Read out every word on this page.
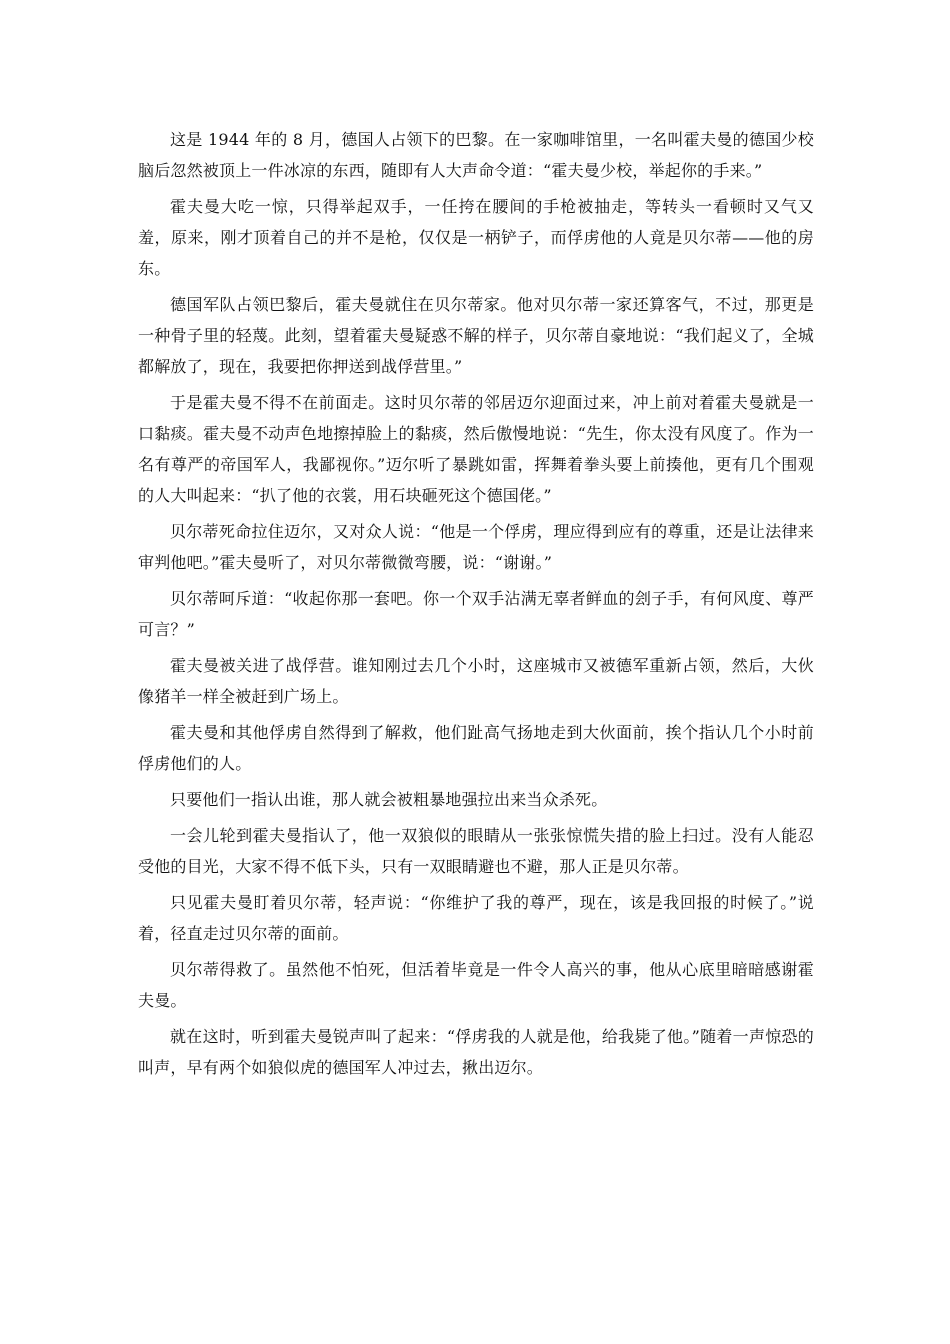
这是 1944 年的 8 月，德国人占领下的巴黎。在一家咖啡馆里，一名叫霍夫曼的德国少校脑后忽然被顶上一件冰凉的东西，随即有人大声命令道：“霍夫曼少校，举起你的手来。”

霍夫曼大吃一惊，只得举起双手，一任挎在腰间的手枪被抽走，等转头一看顿时又气又羞，原来，刚才顶着自己的并不是枪，仅仅是一柄铲子，而俘虏他的人竟是贝尔蒂——他的房东。

德国军队占领巴黎后，霍夫曼就住在贝尔蒂家。他对贝尔蒂一家还算客气，不过，那更是一种骨子里的轻蔑。此刻，望着霍夫曼疑惑不解的样子，贝尔蒂自豪地说：“我们起义了，全城都解放了，现在，我要把你押送到战俘营里。”

于是霍夫曼不得不在前面走。这时贝尔蒂的邻居迈尔迎面过来，冲上前对着霍夫曼就是一口黏痰。霍夫曼不动声色地擦掉脸上的黏痰，然后傲慢地说：“先生，你太没有风度了。作为一名有尊严的帝国军人，我鄙视你。”迈尔听了暴跳如雷，挥舞着拳头要上前揍他，更有几个围观的人大叫起来：“扒了他的衣裳，用石块砸死这个德国佬。”

贝尔蒂死命拉住迈尔，又对众人说：“他是一个俘虏，理应得到应有的尊重，还是让法律来审判他吧。”霍夫曼听了，对贝尔蒂微微弯腰，说：“谢谢。”

贝尔蒂呵斥道：“收起你那一套吧。你一个双手沾满无辜者鲜血的刽子手，有何风度、尊严可言？”

霍夫曼被关进了战俘营。谁知刚过去几个小时，这座城市又被德军重新占领，然后，大伙像猪羊一样全被赶到广场上。

霍夫曼和其他俘虏自然得到了解救，他们趾高气扬地走到大伙面前，挨个指认几个小时前俘虏他们的人。

只要他们一指认出谁，那人就会被粗暴地强拉出来当众杀死。

一会儿轮到霍夫曼指认了，他一双狼似的眼睛从一张张惊慌失措的脸上扫过。没有人能忍受他的目光，大家不得不低下头，只有一双眼睛避也不避，那人正是贝尔蒂。

只见霍夫曼盯着贝尔蒂，轻声说：“你维护了我的尊严，现在，该是我回报的时候了。”说着，径直走过贝尔蒂的面前。

贝尔蒂得救了。虽然他不怕死，但活着毕竟是一件令人高兴的事，他从心底里暗暗感谢霍夫曼。

就在这时，听到霍夫曼锐声叫了起来：“俘虏我的人就是他，给我毙了他。”随着一声惊恐的叫声，早有两个如狼似虎的德国军人冲过去，揪出迈尔。
